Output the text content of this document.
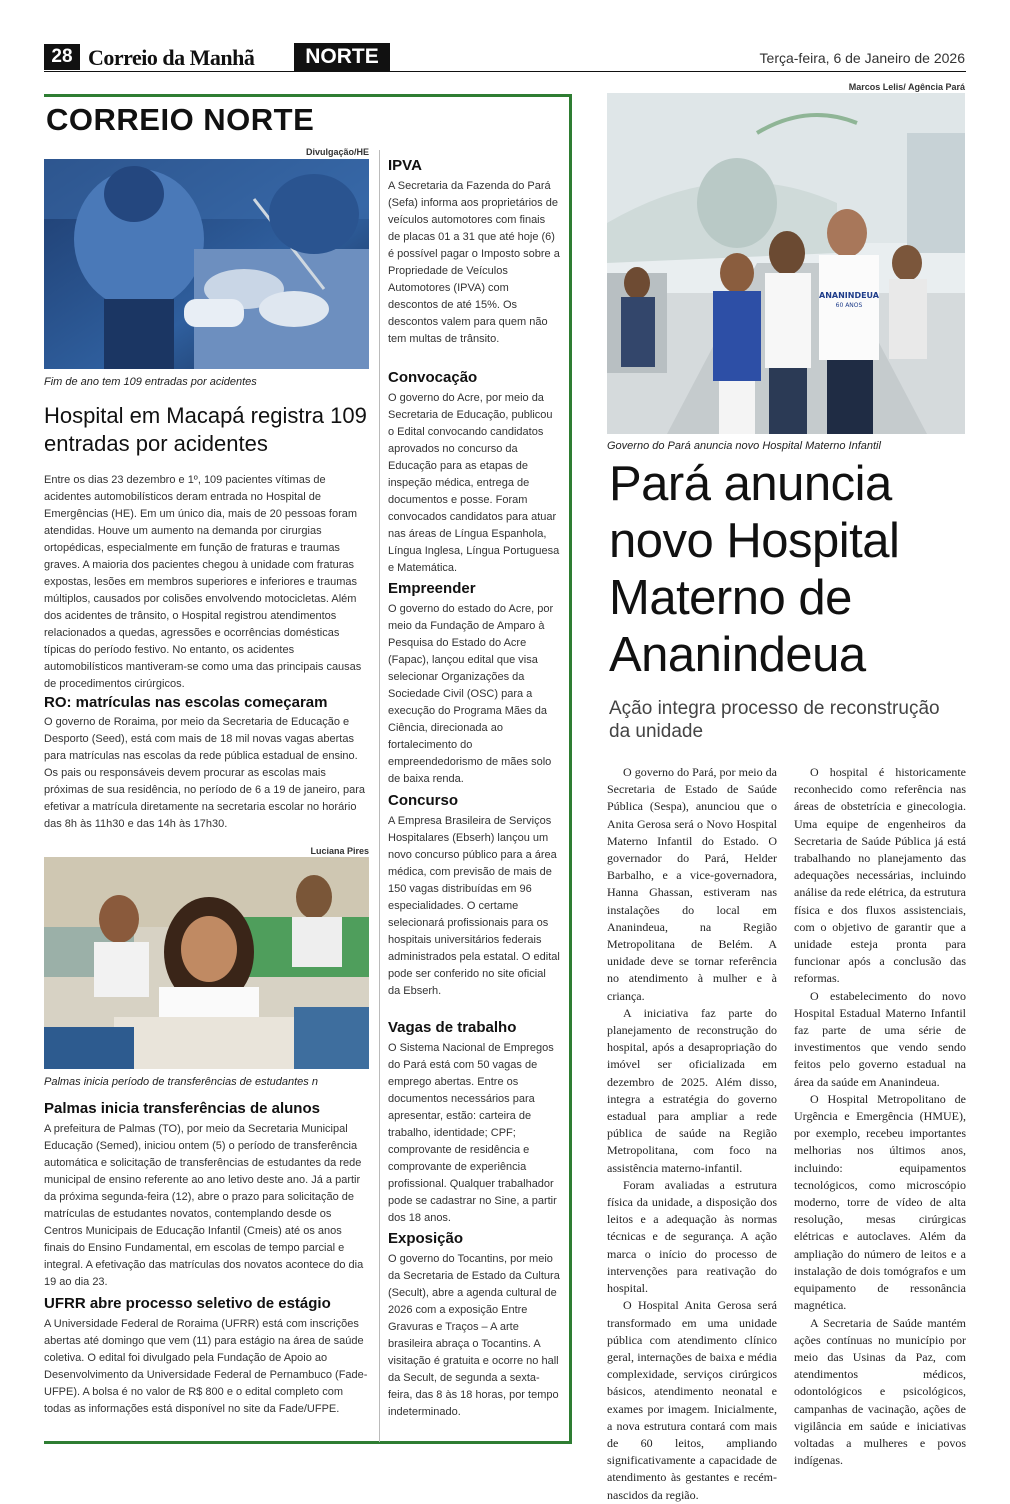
28 Correio da Manhã	NORTE	Terça-feira, 6 de Janeiro de 2026
CORREIO NORTE
Divulgação/HE
Fim de ano tem 109 entradas por acidentes
Hospital em Macapá registra 109 entradas por acidentes
Entre os dias 23 dezembro e 1º, 109 pacientes vítimas de acidentes automobilísticos deram entrada no Hospital de Emergências (HE). Em um único dia, mais de 20 pessoas foram atendidas. Houve um aumento na demanda por cirurgias ortopédicas, especialmente em função de fraturas e traumas graves. A maioria dos pacientes chegou à unidade com fraturas expostas, lesões em membros superiores e inferiores e traumas múltiplos, causados por colisões envolvendo motocicletas. Além dos acidentes de trânsito, o Hospital registrou atendimentos relacionados a quedas, agressões e ocorrências domésticas típicas do período festivo. No entanto, os acidentes automobilísticos mantiveram-se como uma das principais causas de procedimentos cirúrgicos.
RO: matrículas nas escolas começaram
O governo de Roraima, por meio da Secretaria de Educação e Desporto (Seed), está com mais de 18 mil novas vagas abertas para matrículas nas escolas da rede pública estadual de ensino. Os pais ou responsáveis devem procurar as escolas mais próximas de sua residência, no período de 6 a 19 de janeiro, para efetivar a matrícula diretamente na secretaria escolar no horário das 8h às 11h30 e das 14h às 17h30.
Luciana Pires
Palmas inicia período de transferências de estudantes n
Palmas inicia transferências de alunos
A prefeitura de Palmas (TO), por meio da Secretaria Municipal Educação (Semed), iniciou ontem (5) o período de transferência automática e solicitação de transferências de estudantes da rede municipal de ensino referente ao ano letivo deste ano. Já a partir da próxima segunda-feira (12), abre o prazo para solicitação de matrículas de estudantes novatos, contemplando desde os Centros Municipais de Educação Infantil (Cmeis) até os anos finais do Ensino Fundamental, em escolas de tempo parcial e integral. A efetivação das matrículas dos novatos acontece do dia 19 ao dia 23.
UFRR abre processo seletivo de estágio
A Universidade Federal de Roraima (UFRR) está com inscrições abertas até domingo que vem (11) para estágio na área de saúde coletiva. O edital foi divulgado pela Fundação de Apoio ao Desenvolvimento da Universidade Federal de Pernambuco (Fade-UFPE). A bolsa é no valor de R$ 800 e o edital completo com todas as informações está disponível no site da Fade/UFPE.
IPVA
A Secretaria da Fazenda do Pará (Sefa) informa aos proprietários de veículos automotores com finais de placas 01 a 31 que até hoje (6) é possível pagar o Imposto sobre a Propriedade de Veículos Automotores (IPVA) com descontos de até 15%. Os descontos valem para quem não tem multas de trânsito.
Convocação
O governo do Acre, por meio da Secretaria de Educação, publicou o Edital convocando candidatos aprovados no concurso da Educação para as etapas de inspeção médica, entrega de documentos e posse. Foram convocados candidatos para atuar nas áreas de Língua Espanhola, Língua Inglesa, Língua Portuguesa e Matemática.
Empreender
O governo do estado do Acre, por meio da Fundação de Amparo à Pesquisa do Estado do Acre (Fapac), lançou edital que visa selecionar Organizações da Sociedade Civil (OSC) para a execução do Programa Mães da Ciência, direcionada ao fortalecimento do empreendedorismo de mães solo de baixa renda.
Concurso
A Empresa Brasileira de Serviços Hospitalares (Ebserh) lançou um novo concurso público para a área médica, com previsão de mais de 150 vagas distribuídas em 96 especialidades. O certame selecionará profissionais para os hospitais universitários federais administrados pela estatal. O edital pode ser conferido no site oficial da Ebserh.
Vagas de trabalho
O Sistema Nacional de Empregos do Pará está com 50 vagas de emprego abertas. Entre os documentos necessários para apresentar, estão: carteira de trabalho, identidade; CPF; comprovante de residência e comprovante de experiência profissional. Qualquer trabalhador pode se cadastrar no Sine, a partir dos 18 anos.
Exposição
O governo do Tocantins, por meio da Secretaria de Estado da Cultura (Secult), abre a agenda cultural de 2026 com a exposição Entre Gravuras e Traços – A arte brasileira abraça o Tocantins. A visitação é gratuita e ocorre no hall da Secult, de segunda a sexta-feira, das 8 às 18 horas, por tempo indeterminado.
Marcos Lelis/ Agência Pará
ANANINDEUA
60 ANOS
Governo do Pará anuncia novo Hospital Materno Infantil
Pará anuncia novo Hospital Materno de Ananindeua
Ação integra processo de reconstrução da unidade

O governo do Pará, por meio da Secretaria de Estado de Saúde Pública (Sespa), anunciou que o Anita Gerosa será o Novo Hospital Materno Infantil do Estado. O governador do Pará, Helder Barbalho, e a vice-governadora, Hanna Ghassan, estiveram nas instalações do local em Ananindeua, na Região Metropolitana de Belém. A unidade deve se tornar referência no atendimento à mulher e à criança.

A iniciativa faz parte do planejamento de reconstrução do hospital, após a desapropriação do imóvel ser oficializada em dezembro de 2025. Além disso, integra a estratégia do governo estadual para ampliar a rede pública de saúde na Região Metropolitana, com foco na assistência materno-infantil.

Foram avaliadas a estrutura física da unidade, a disposição dos leitos e a adequação às normas técnicas e de segurança. A ação marca o início do processo de intervenções para reativação do hospital.

O Hospital Anita Gerosa será transformado em uma unidade pública com atendimento clínico geral, internações de baixa e média complexidade, serviços cirúrgicos básicos, atendimento neonatal e exames por imagem. Inicialmente, a nova estrutura contará com mais de 60 leitos, ampliando significativamente a capacidade de atendimento às gestantes e recém-nascidos da região.

O hospital é historicamente reconhecido como referência nas áreas de obstetrícia e ginecologia. Uma equipe de engenheiros da Secretaria de Saúde Pública já está trabalhando no planejamento das adequações necessárias, incluindo análise da rede elétrica, da estrutura física e dos fluxos assistenciais, com o objetivo de garantir que a unidade esteja pronta para funcionar após a conclusão das reformas.

O estabelecimento do novo Hospital Estadual Materno Infantil faz parte de uma série de investimentos que vendo sendo feitos pelo governo estadual na área da saúde em Ananindeua.

O Hospital Metropolitano de Urgência e Emergência (HMUE), por exemplo, recebeu importantes melhorias nos últimos anos, incluindo: equipamentos tecnológicos, como microscópio moderno, torre de vídeo de alta resolução, mesas cirúrgicas elétricas e autoclaves. Além da ampliação do número de leitos e a instalação de dois tomógrafos e um equipamento de ressonância magnética.

A Secretaria de Saúde mantém ações contínuas no município por meio das Usinas da Paz, com atendimentos médicos, odontológicos e psicológicos, campanhas de vacinação, ações de vigilância em saúde e iniciativas voltadas a mulheres e povos indígenas.
